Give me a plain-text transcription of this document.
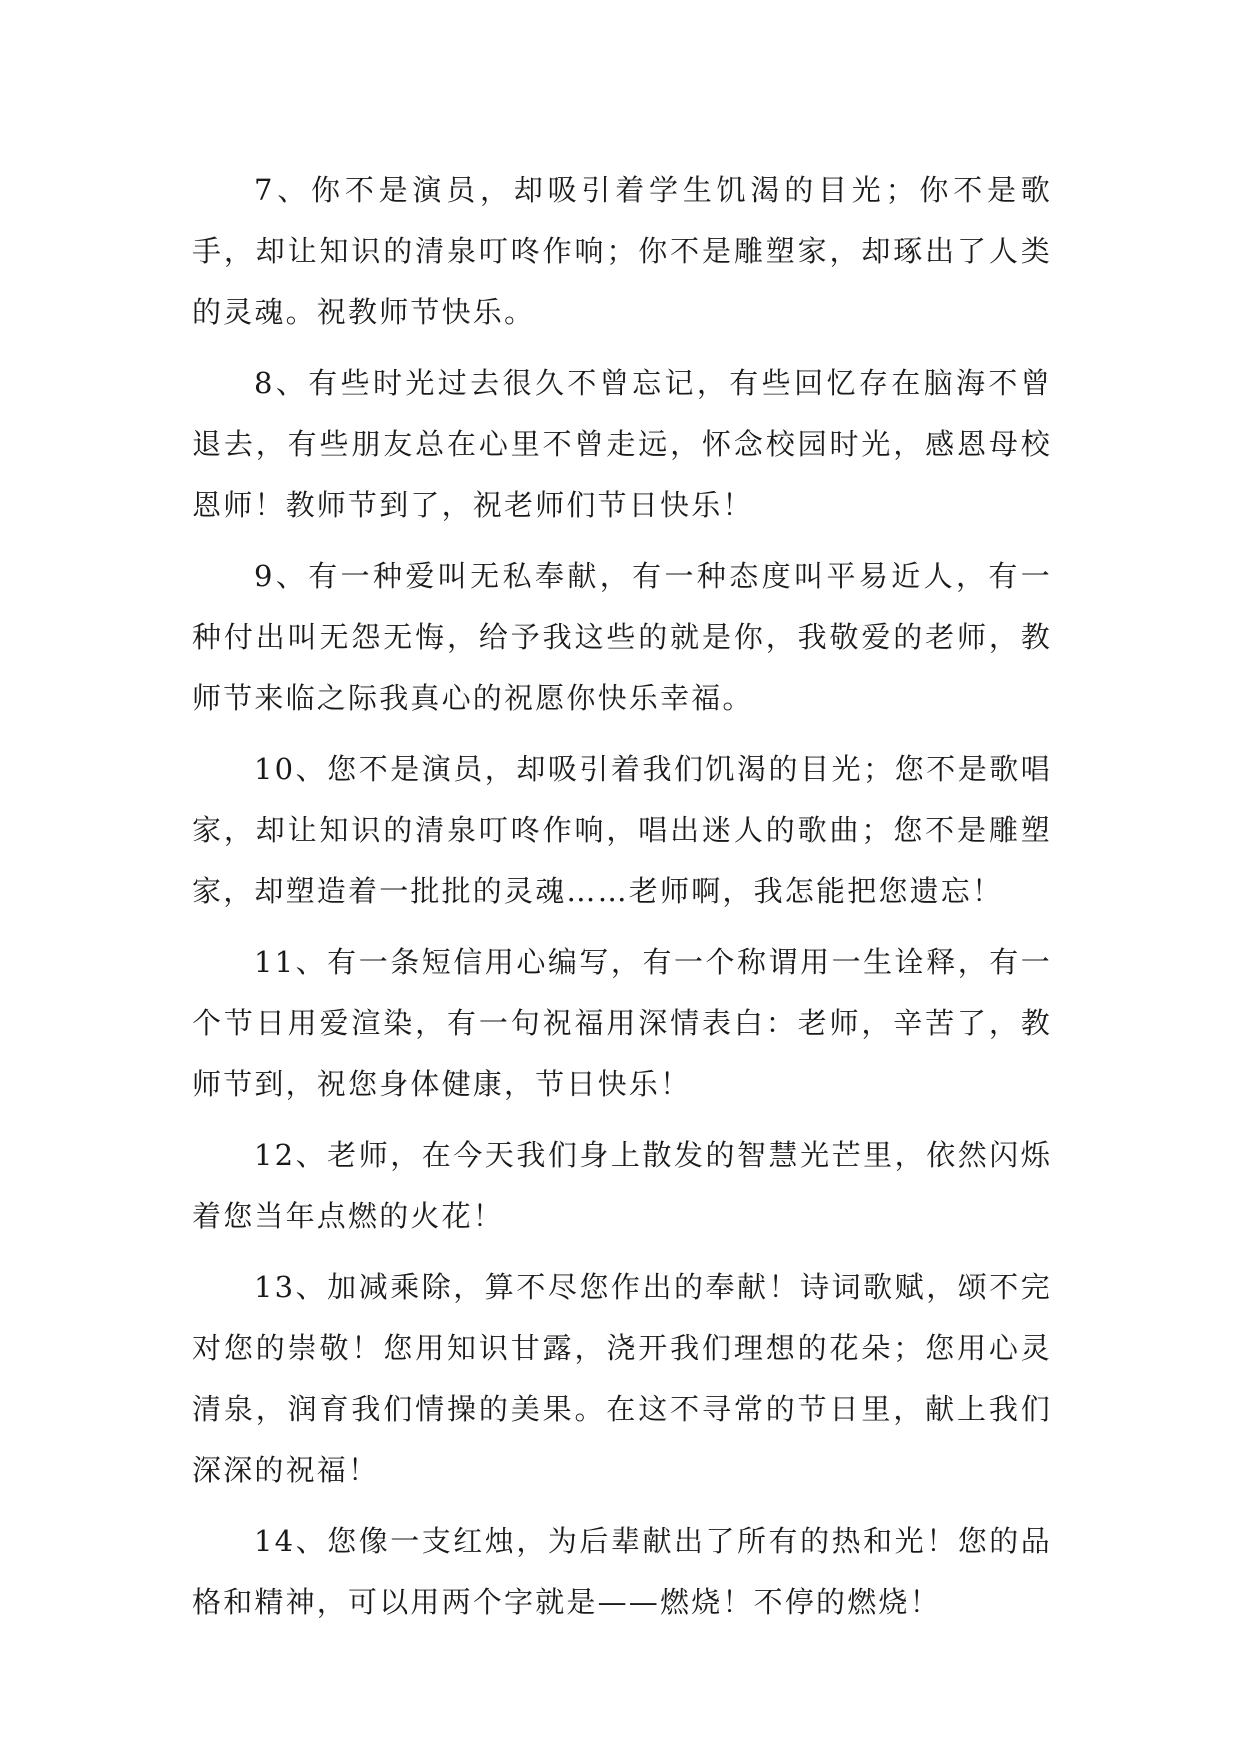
7、你不是演员，却吸引着学生饥渴的目光；你不是歌手，却让知识的清泉叮咚作响；你不是雕塑家，却琢出了人类的灵魂。祝教师节快乐。

8、有些时光过去很久不曾忘记，有些回忆存在脑海不曾退去，有些朋友总在心里不曾走远，怀念校园时光，感恩母校恩师！教师节到了，祝老师们节日快乐！

9、有一种爱叫无私奉献，有一种态度叫平易近人，有一种付出叫无怨无悔，给予我这些的就是你，我敬爱的老师，教师节来临之际我真心的祝愿你快乐幸福。

10、您不是演员，却吸引着我们饥渴的目光；您不是歌唱家，却让知识的清泉叮咚作响，唱出迷人的歌曲；您不是雕塑家，却塑造着一批批的灵魂……老师啊，我怎能把您遗忘！

11、有一条短信用心编写，有一个称谓用一生诠释，有一个节日用爱渲染，有一句祝福用深情表白：老师，辛苦了，教师节到，祝您身体健康，节日快乐！

12、老师，在今天我们身上散发的智慧光芒里，依然闪烁着您当年点燃的火花！

13、加减乘除，算不尽您作出的奉献！诗词歌赋，颂不完对您的崇敬！您用知识甘露，浇开我们理想的花朵；您用心灵清泉，润育我们情操的美果。在这不寻常的节日里，献上我们深深的祝福！

14、您像一支红烛，为后辈献出了所有的热和光！您的品格和精神，可以用两个字就是——燃烧！不停的燃烧！
